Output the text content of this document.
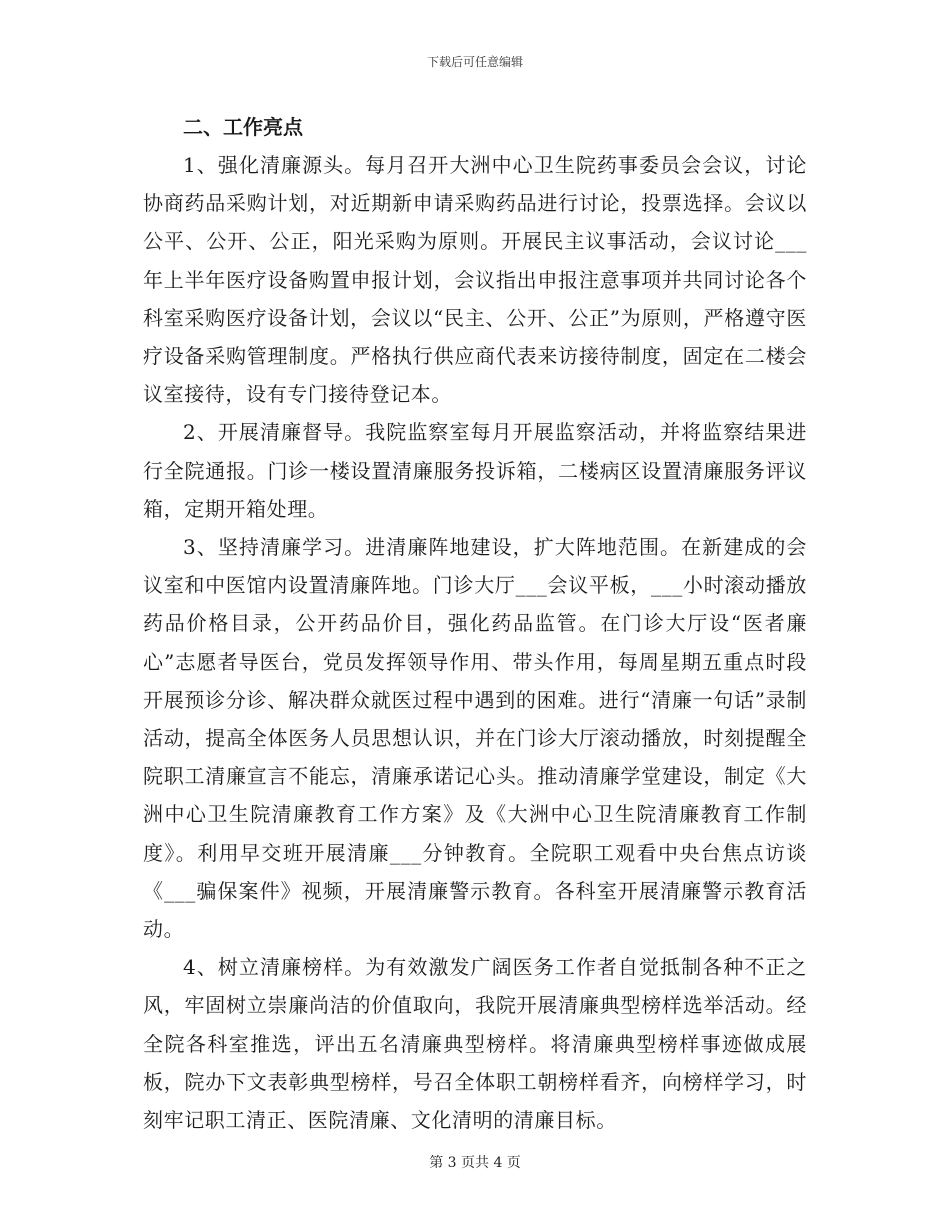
下载后可任意编辑

二、工作亮点

1、强化清廉源头。每月召开大洲中心卫生院药事委员会会议，讨论协商药品采购计划，对近期新申请采购药品进行讨论，投票选择。会议以公平、公开、公正，阳光采购为原则。开展民主议事活动，会议讨论___年上半年医疗设备购置申报计划，会议指出申报注意事项并共同讨论各个科室采购医疗设备计划，会议以“民主、公开、公正”为原则，严格遵守医疗设备采购管理制度。严格执行供应商代表来访接待制度，固定在二楼会议室接待，设有专门接待登记本。

2、开展清廉督导。我院监察室每月开展监察活动，并将监察结果进行全院通报。门诊一楼设置清廉服务投诉箱，二楼病区设置清廉服务评议箱，定期开箱处理。

3、坚持清廉学习。进清廉阵地建设，扩大阵地范围。在新建成的会议室和中医馆内设置清廉阵地。门诊大厅___会议平板，___小时滚动播放药品价格目录，公开药品价目，强化药品监管。在门诊大厅设“医者廉心”志愿者导医台，党员发挥领导作用、带头作用，每周星期五重点时段开展预诊分诊、解决群众就医过程中遇到的困难。进行“清廉一句话”录制活动，提高全体医务人员思想认识，并在门诊大厅滚动播放，时刻提醒全院职工清廉宣言不能忘，清廉承诺记心头。推动清廉学堂建设，制定《大洲中心卫生院清廉教育工作方案》及《大洲中心卫生院清廉教育工作制度》。利用早交班开展清廉___分钟教育。全院职工观看中央台焦点访谈《___骗保案件》视频，开展清廉警示教育。各科室开展清廉警示教育活动。

4、树立清廉榜样。为有效激发广阔医务工作者自觉抵制各种不正之风，牢固树立崇廉尚洁的价值取向，我院开展清廉典型榜样选举活动。经全院各科室推选，评出五名清廉典型榜样。将清廉典型榜样事迹做成展板，院办下文表彰典型榜样，号召全体职工朝榜样看齐，向榜样学习，时刻牢记职工清正、医院清廉、文化清明的清廉目标。

第 3 页共 4 页
